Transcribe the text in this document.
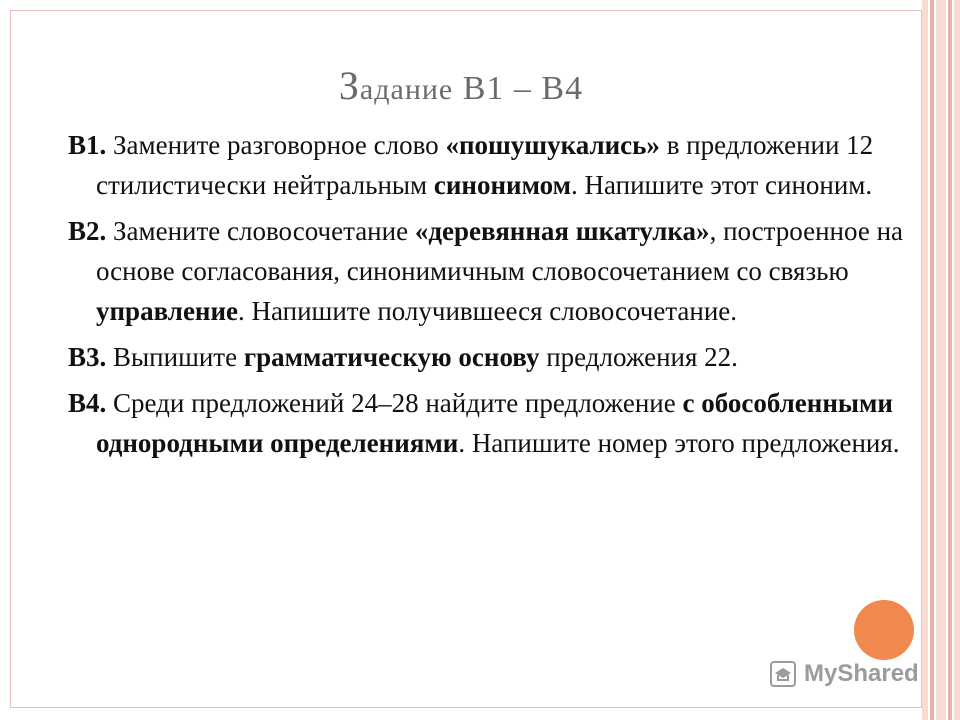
Задание В1 – В4
В1. Замените разговорное слово «пошушукались» в предложении 12 стилистически нейтральным синонимом. Напишите этот синоним.
В2. Замените словосочетание «деревянная шкатулка», построенное на основе согласования, синонимичным словосочетанием со связью управление. Напишите получившееся словосочетание.
В3. Выпишите грамматическую основу предложения 22.
В4. Среди предложений 24–28 найдите предложение с обособленными однородными определениями. Напишите номер этого предложения.
MyShared
